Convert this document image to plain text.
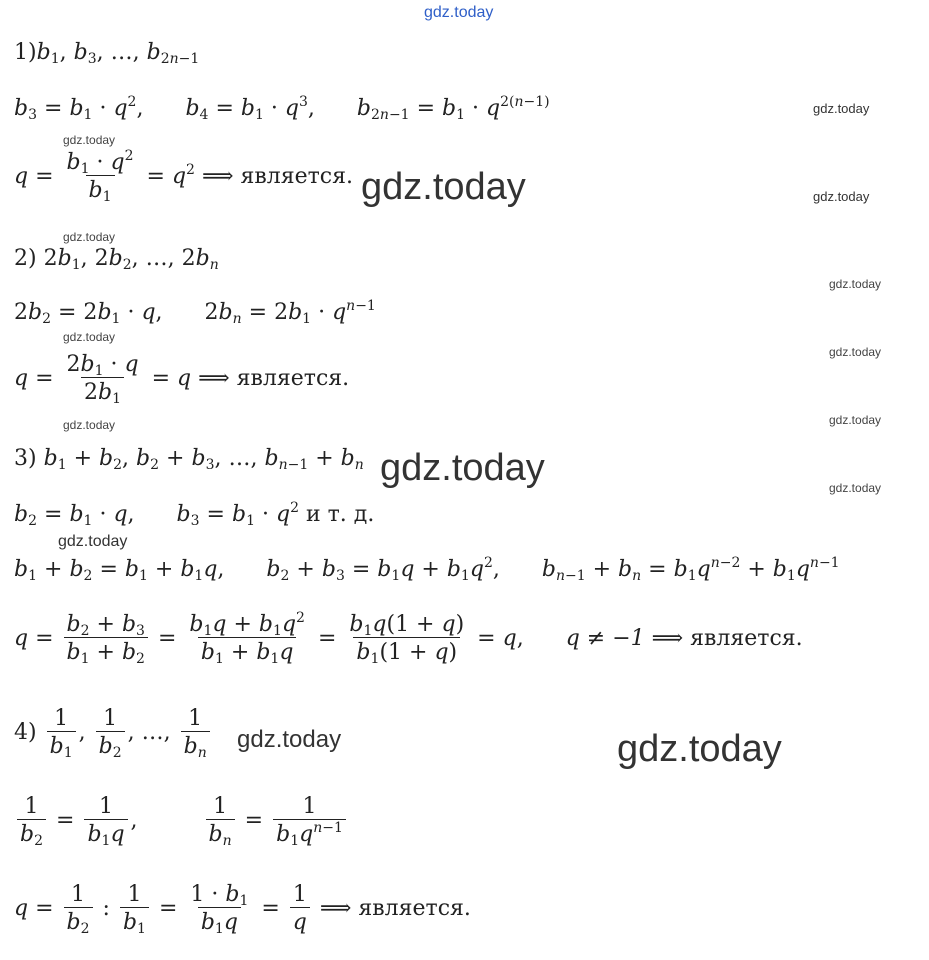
gdz.today
gdz.today
gdz.today
gdz.today	gdz.today
gdz.today
gdz.today
gdz.today
gdz.today
gdz.today
gdz.today
gdz.today	gdz.today
gdz.today
gdz.today	gdz.today
$1)b_1$, $b_3$, …, $b_{2n-1}$
$b_3 = b_1 \cdot q^2$, $b_4 = b_1 \cdot q^3$, $b_{2n-1} = b_1 \cdot q^{2(n-1)}$
$q = \frac{b_1 \cdot q^2}{b_1} = q^2$ ⟹ является.
2) $2b_1$, $2b_2$, …, $2b_n$
$2b_2 = 2b_1 \cdot q$, $2b_n = 2b_1 \cdot q^{n-1}$
$q = \frac{2b_1 \cdot q}{2b_1} = q$ ⟹ является.
3) $b_1 + b_2$, $b_2 + b_3$, …, $b_{n-1} + b_n$
$b_2 = b_1 \cdot q$, $b_3 = b_1 \cdot q^2$ и т. д.
$b_1 + b_2 = b_1 + b_1q$, $b_2 + b_3 = b_1q + b_1q^2$, $b_{n-1} + b_n = b_1q^{n-2} + b_1q^{n-1}$
$q = \frac{b_2 + b_3}{b_1 + b_2} = \frac{b_1q + b_1q^2}{b_1 + b_1q} = \frac{b_1q(1 + q)}{b_1(1 + q)} = q$, q ≠ −1 ⟹ является.
$4) \frac{1}{b_1}$ , $\frac{1}{b_2}$ , …, $\frac{1}{b_n}$
$\frac{1}{b_2} = \frac{1}{b_1q}$ ,	$\frac{1}{b_n} = \frac{1}{b_1q^{n-1}}$
$q = \frac{1}{b_2}$ : $\frac{1}{b_1} = \frac{1 \cdot b_1}{b_1q} = \frac{1}{q}$ ⟹ является.
